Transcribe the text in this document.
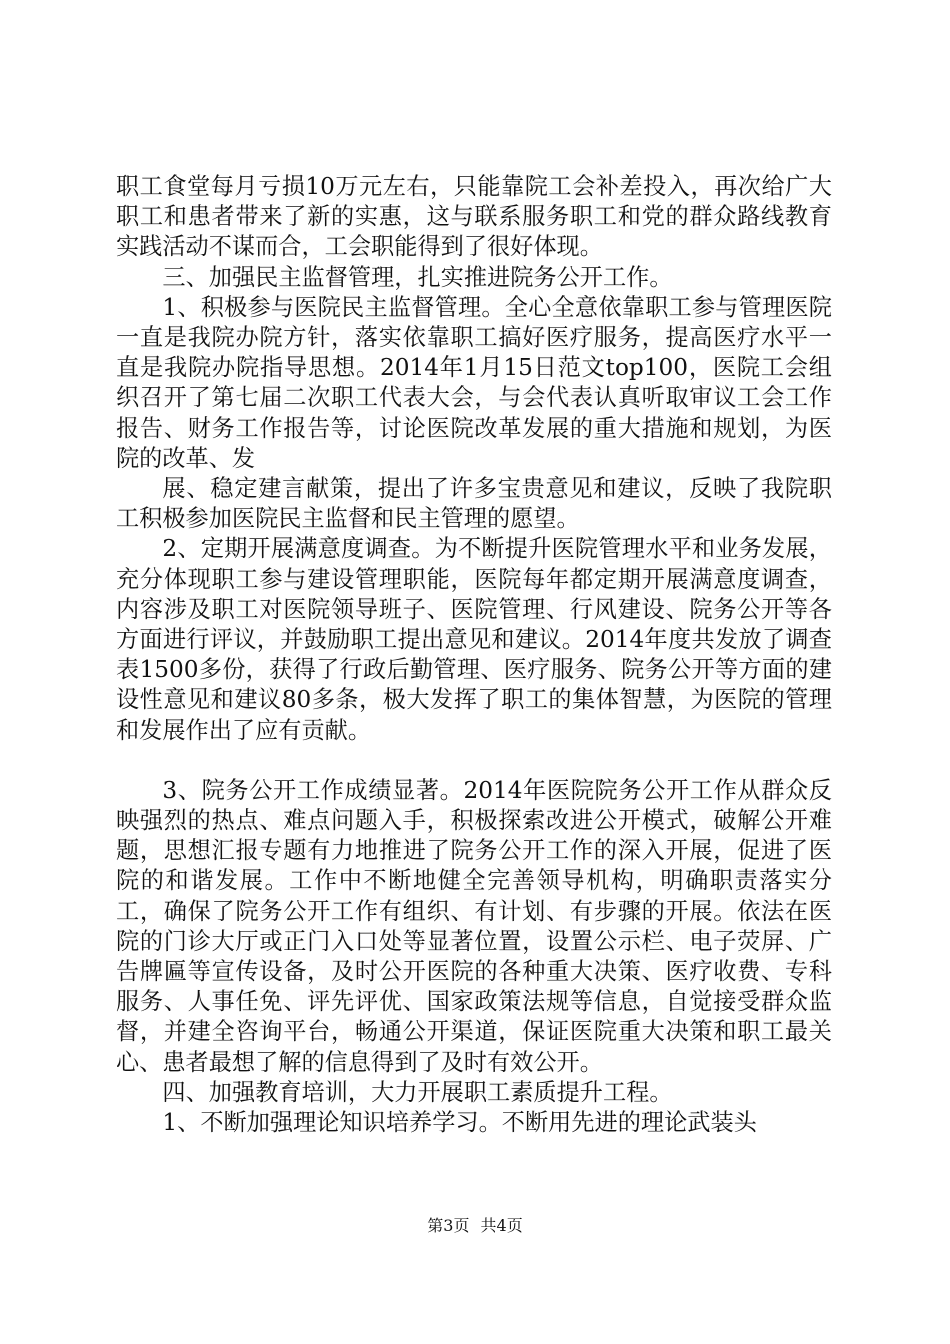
职工食堂每月亏损10万元左右，只能靠院工会补差投入，再次给广大职工和患者带来了新的实惠，这与联系服务职工和党的群众路线教育实践活动不谋而合，工会职能得到了很好体现。

三、加强民主监督管理，扎实推进院务公开工作。

1、积极参与医院民主监督管理。全心全意依靠职工参与管理医院一直是我院办院方针，落实依靠职工搞好医疗服务，提高医疗水平一直是我院办院指导思想。2014年1月15日范文top100，医院工会组织召开了第七届二次职工代表大会，与会代表认真听取审议工会工作报告、财务工作报告等，讨论医院改革发展的重大措施和规划，为医院的改革、发

展、稳定建言献策，提出了许多宝贵意见和建议，反映了我院职工积极参加医院民主监督和民主管理的愿望。

2、定期开展满意度调查。为不断提升医院管理水平和业务发展，充分体现职工参与建设管理职能，医院每年都定期开展满意度调查，内容涉及职工对医院领导班子、医院管理、行风建设、院务公开等各方面进行评议，并鼓励职工提出意见和建议。2014年度共发放了调查表1500多份，获得了行政后勤管理、医疗服务、院务公开等方面的建设性意见和建议80多条，极大发挥了职工的集体智慧，为医院的管理和发展作出了应有贡献。

3、院务公开工作成绩显著。2014年医院院务公开工作从群众反映强烈的热点、难点问题入手，积极探索改进公开模式，破解公开难题，思想汇报专题有力地推进了院务公开工作的深入开展，促进了医院的和谐发展。工作中不断地健全完善领导机构，明确职责落实分工，确保了院务公开工作有组织、有计划、有步骤的开展。依法在医院的门诊大厅或正门入口处等显著位置，设置公示栏、电子荧屏、广告牌匾等宣传设备，及时公开医院的各种重大决策、医疗收费、专科服务、人事任免、评先评优、国家政策法规等信息，自觉接受群众监督，并建全咨询平台，畅通公开渠道，保证医院重大决策和职工最关心、患者最想了解的信息得到了及时有效公开。

四、加强教育培训，大力开展职工素质提升工程。

1、不断加强理论知识培养学习。不断用先进的理论武装头

第3页 共4页
